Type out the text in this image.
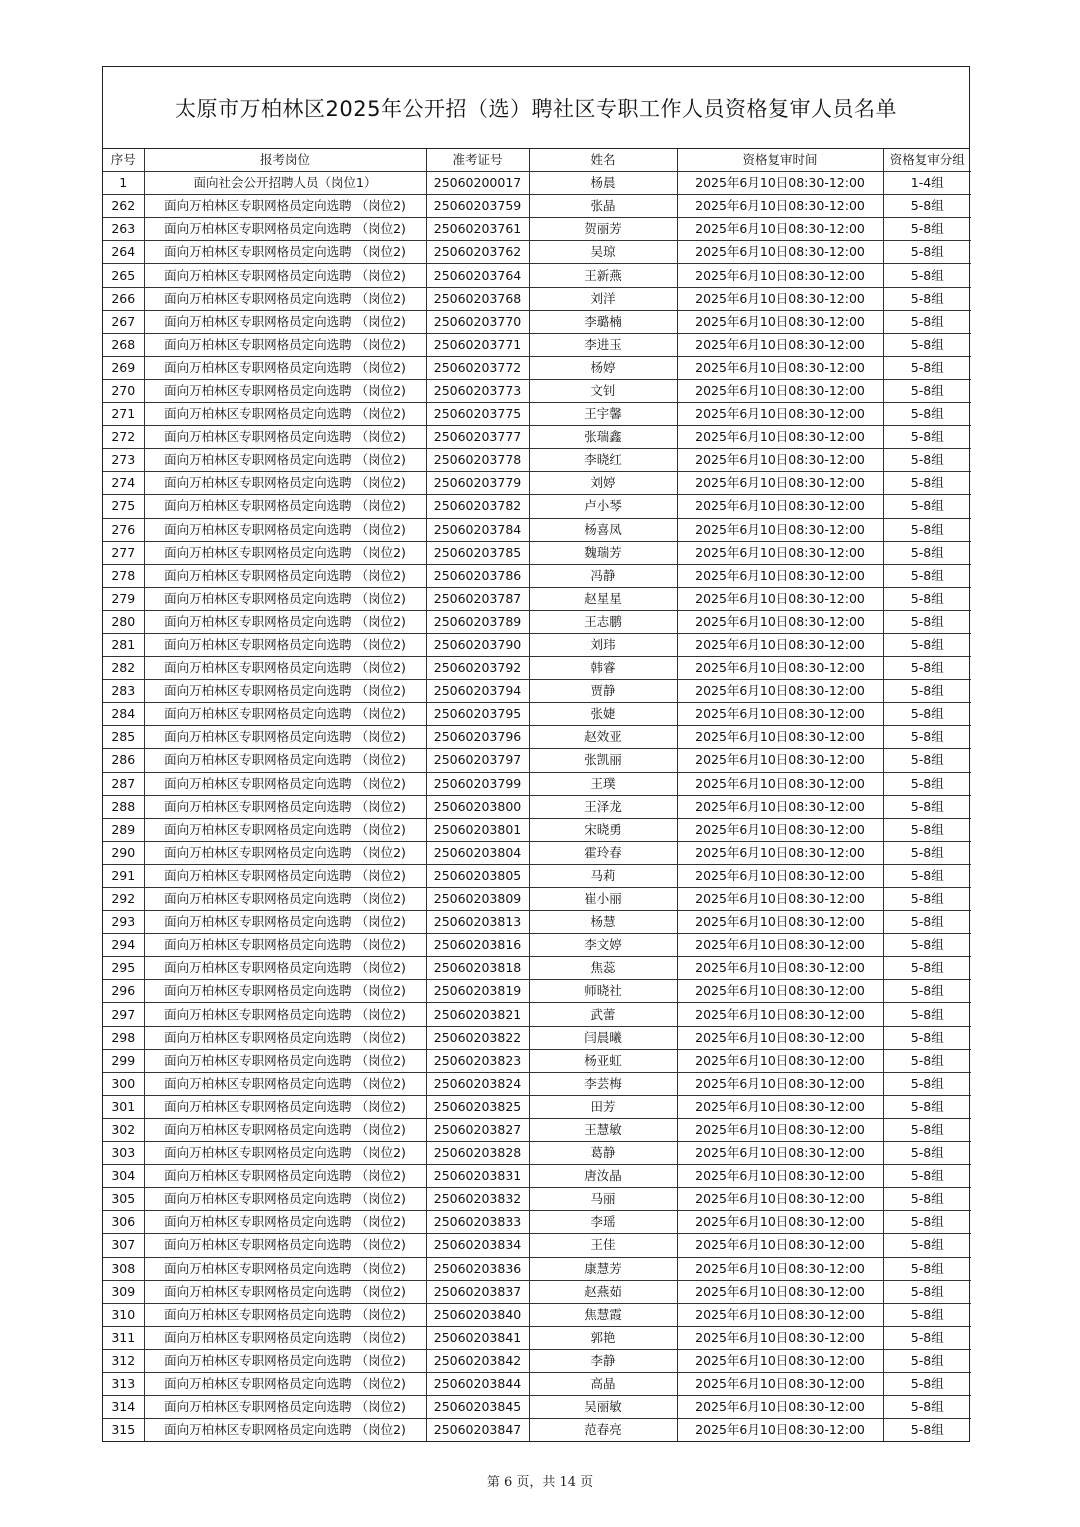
太原市万柏林区2025年公开招（选）聘社区专职工作人员资格复审人员名单
序号	报考岗位	准考证号	姓名	资格复审时间	资格复审分组
1	面向社会公开招聘人员（岗位1）	25060200017	杨晨	2025年6月10日08:30-12:00	1-4组
262	面向万柏林区专职网格员定向选聘 （岗位2)	25060203759	张晶	2025年6月10日08:30-12:00	5-8组
263	面向万柏林区专职网格员定向选聘 （岗位2)	25060203761	贺丽芳	2025年6月10日08:30-12:00	5-8组
264	面向万柏林区专职网格员定向选聘 （岗位2)	25060203762	吴琼	2025年6月10日08:30-12:00	5-8组
265	面向万柏林区专职网格员定向选聘 （岗位2)	25060203764	王新燕	2025年6月10日08:30-12:00	5-8组
266	面向万柏林区专职网格员定向选聘 （岗位2)	25060203768	刘洋	2025年6月10日08:30-12:00	5-8组
267	面向万柏林区专职网格员定向选聘 （岗位2)	25060203770	李璐楠	2025年6月10日08:30-12:00	5-8组
268	面向万柏林区专职网格员定向选聘 （岗位2)	25060203771	李进玉	2025年6月10日08:30-12:00	5-8组
269	面向万柏林区专职网格员定向选聘 （岗位2)	25060203772	杨婷	2025年6月10日08:30-12:00	5-8组
270	面向万柏林区专职网格员定向选聘 （岗位2)	25060203773	文钊	2025年6月10日08:30-12:00	5-8组
271	面向万柏林区专职网格员定向选聘 （岗位2)	25060203775	王宇馨	2025年6月10日08:30-12:00	5-8组
272	面向万柏林区专职网格员定向选聘 （岗位2)	25060203777	张瑞鑫	2025年6月10日08:30-12:00	5-8组
273	面向万柏林区专职网格员定向选聘 （岗位2)	25060203778	李晓红	2025年6月10日08:30-12:00	5-8组
274	面向万柏林区专职网格员定向选聘 （岗位2)	25060203779	刘婷	2025年6月10日08:30-12:00	5-8组
275	面向万柏林区专职网格员定向选聘 （岗位2)	25060203782	卢小琴	2025年6月10日08:30-12:00	5-8组
276	面向万柏林区专职网格员定向选聘 （岗位2)	25060203784	杨喜凤	2025年6月10日08:30-12:00	5-8组
277	面向万柏林区专职网格员定向选聘 （岗位2)	25060203785	魏瑞芳	2025年6月10日08:30-12:00	5-8组
278	面向万柏林区专职网格员定向选聘 （岗位2)	25060203786	冯静	2025年6月10日08:30-12:00	5-8组
279	面向万柏林区专职网格员定向选聘 （岗位2)	25060203787	赵星星	2025年6月10日08:30-12:00	5-8组
280	面向万柏林区专职网格员定向选聘 （岗位2)	25060203789	王志鹏	2025年6月10日08:30-12:00	5-8组
281	面向万柏林区专职网格员定向选聘 （岗位2)	25060203790	刘玮	2025年6月10日08:30-12:00	5-8组
282	面向万柏林区专职网格员定向选聘 （岗位2)	25060203792	韩睿	2025年6月10日08:30-12:00	5-8组
283	面向万柏林区专职网格员定向选聘 （岗位2)	25060203794	贾静	2025年6月10日08:30-12:00	5-8组
284	面向万柏林区专职网格员定向选聘 （岗位2)	25060203795	张婕	2025年6月10日08:30-12:00	5-8组
285	面向万柏林区专职网格员定向选聘 （岗位2)	25060203796	赵效亚	2025年6月10日08:30-12:00	5-8组
286	面向万柏林区专职网格员定向选聘 （岗位2)	25060203797	张凯丽	2025年6月10日08:30-12:00	5-8组
287	面向万柏林区专职网格员定向选聘 （岗位2)	25060203799	王璞	2025年6月10日08:30-12:00	5-8组
288	面向万柏林区专职网格员定向选聘 （岗位2)	25060203800	王泽龙	2025年6月10日08:30-12:00	5-8组
289	面向万柏林区专职网格员定向选聘 （岗位2)	25060203801	宋晓勇	2025年6月10日08:30-12:00	5-8组
290	面向万柏林区专职网格员定向选聘 （岗位2)	25060203804	霍玲春	2025年6月10日08:30-12:00	5-8组
291	面向万柏林区专职网格员定向选聘 （岗位2)	25060203805	马莉	2025年6月10日08:30-12:00	5-8组
292	面向万柏林区专职网格员定向选聘 （岗位2)	25060203809	崔小丽	2025年6月10日08:30-12:00	5-8组
293	面向万柏林区专职网格员定向选聘 （岗位2)	25060203813	杨慧	2025年6月10日08:30-12:00	5-8组
294	面向万柏林区专职网格员定向选聘 （岗位2)	25060203816	李文婷	2025年6月10日08:30-12:00	5-8组
295	面向万柏林区专职网格员定向选聘 （岗位2)	25060203818	焦蕊	2025年6月10日08:30-12:00	5-8组
296	面向万柏林区专职网格员定向选聘 （岗位2)	25060203819	师晓社	2025年6月10日08:30-12:00	5-8组
297	面向万柏林区专职网格员定向选聘 （岗位2)	25060203821	武蕾	2025年6月10日08:30-12:00	5-8组
298	面向万柏林区专职网格员定向选聘 （岗位2)	25060203822	闫晨曦	2025年6月10日08:30-12:00	5-8组
299	面向万柏林区专职网格员定向选聘 （岗位2)	25060203823	杨亚虹	2025年6月10日08:30-12:00	5-8组
300	面向万柏林区专职网格员定向选聘 （岗位2)	25060203824	李芸梅	2025年6月10日08:30-12:00	5-8组
301	面向万柏林区专职网格员定向选聘 （岗位2)	25060203825	田芳	2025年6月10日08:30-12:00	5-8组
302	面向万柏林区专职网格员定向选聘 （岗位2)	25060203827	王慧敏	2025年6月10日08:30-12:00	5-8组
303	面向万柏林区专职网格员定向选聘 （岗位2)	25060203828	葛静	2025年6月10日08:30-12:00	5-8组
304	面向万柏林区专职网格员定向选聘 （岗位2)	25060203831	唐汝晶	2025年6月10日08:30-12:00	5-8组
305	面向万柏林区专职网格员定向选聘 （岗位2)	25060203832	马丽	2025年6月10日08:30-12:00	5-8组
306	面向万柏林区专职网格员定向选聘 （岗位2)	25060203833	李瑶	2025年6月10日08:30-12:00	5-8组
307	面向万柏林区专职网格员定向选聘 （岗位2)	25060203834	王佳	2025年6月10日08:30-12:00	5-8组
308	面向万柏林区专职网格员定向选聘 （岗位2)	25060203836	康慧芳	2025年6月10日08:30-12:00	5-8组
309	面向万柏林区专职网格员定向选聘 （岗位2)	25060203837	赵燕茹	2025年6月10日08:30-12:00	5-8组
310	面向万柏林区专职网格员定向选聘 （岗位2)	25060203840	焦慧霞	2025年6月10日08:30-12:00	5-8组
311	面向万柏林区专职网格员定向选聘 （岗位2)	25060203841	郭艳	2025年6月10日08:30-12:00	5-8组
312	面向万柏林区专职网格员定向选聘 （岗位2)	25060203842	李静	2025年6月10日08:30-12:00	5-8组
313	面向万柏林区专职网格员定向选聘 （岗位2)	25060203844	高晶	2025年6月10日08:30-12:00	5-8组
314	面向万柏林区专职网格员定向选聘 （岗位2)	25060203845	吴丽敏	2025年6月10日08:30-12:00	5-8组
315	面向万柏林区专职网格员定向选聘 （岗位2)	25060203847	范春亮	2025年6月10日08:30-12:00	5-8组
第 6 页，共 14 页
